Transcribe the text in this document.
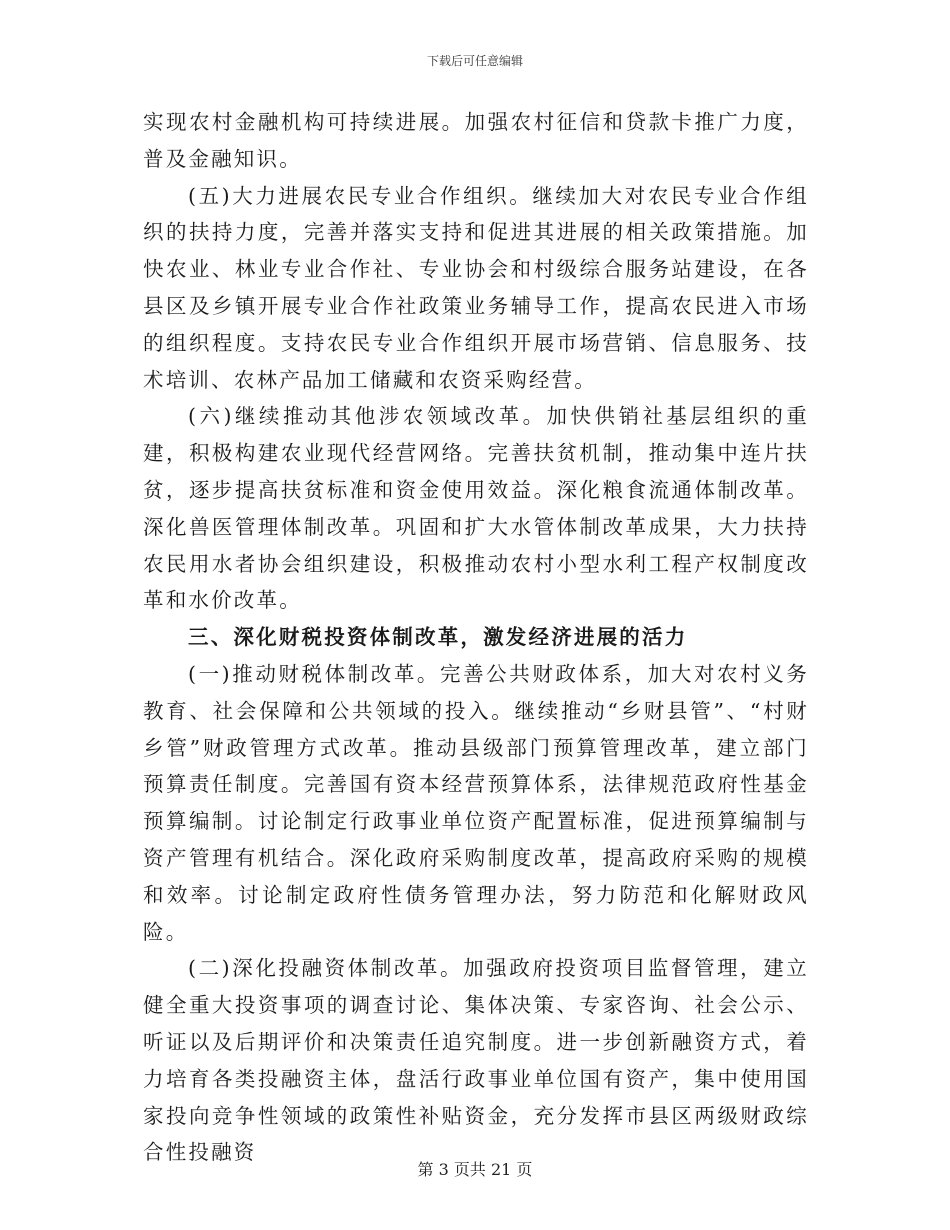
下载后可任意编辑

实现农村金融机构可持续进展。加强农村征信和贷款卡推广力度，普及金融知识。

(五)大力进展农民专业合作组织。继续加大对农民专业合作组织的扶持力度，完善并落实支持和促进其进展的相关政策措施。加快农业、林业专业合作社、专业协会和村级综合服务站建设，在各县区及乡镇开展专业合作社政策业务辅导工作，提高农民进入市场的组织程度。支持农民专业合作组织开展市场营销、信息服务、技术培训、农林产品加工储藏和农资采购经营。

(六)继续推动其他涉农领域改革。加快供销社基层组织的重建，积极构建农业现代经营网络。完善扶贫机制，推动集中连片扶贫，逐步提高扶贫标准和资金使用效益。深化粮食流通体制改革。深化兽医管理体制改革。巩固和扩大水管体制改革成果，大力扶持农民用水者协会组织建设，积极推动农村小型水利工程产权制度改革和水价改革。

三、深化财税投资体制改革，激发经济进展的活力

(一)推动财税体制改革。完善公共财政体系，加大对农村义务教育、社会保障和公共领域的投入。继续推动“乡财县管”、“村财乡管”财政管理方式改革。推动县级部门预算管理改革，建立部门预算责任制度。完善国有资本经营预算体系，法律规范政府性基金预算编制。讨论制定行政事业单位资产配置标准，促进预算编制与资产管理有机结合。深化政府采购制度改革，提高政府采购的规模和效率。讨论制定政府性债务管理办法，努力防范和化解财政风险。

(二)深化投融资体制改革。加强政府投资项目监督管理，建立健全重大投资事项的调查讨论、集体决策、专家咨询、社会公示、听证以及后期评价和决策责任追究制度。进一步创新融资方式，着力培育各类投融资主体，盘活行政事业单位国有资产，集中使用国家投向竞争性领域的政策性补贴资金，充分发挥市县区两级财政综合性投融资

第 3 页共 21 页
